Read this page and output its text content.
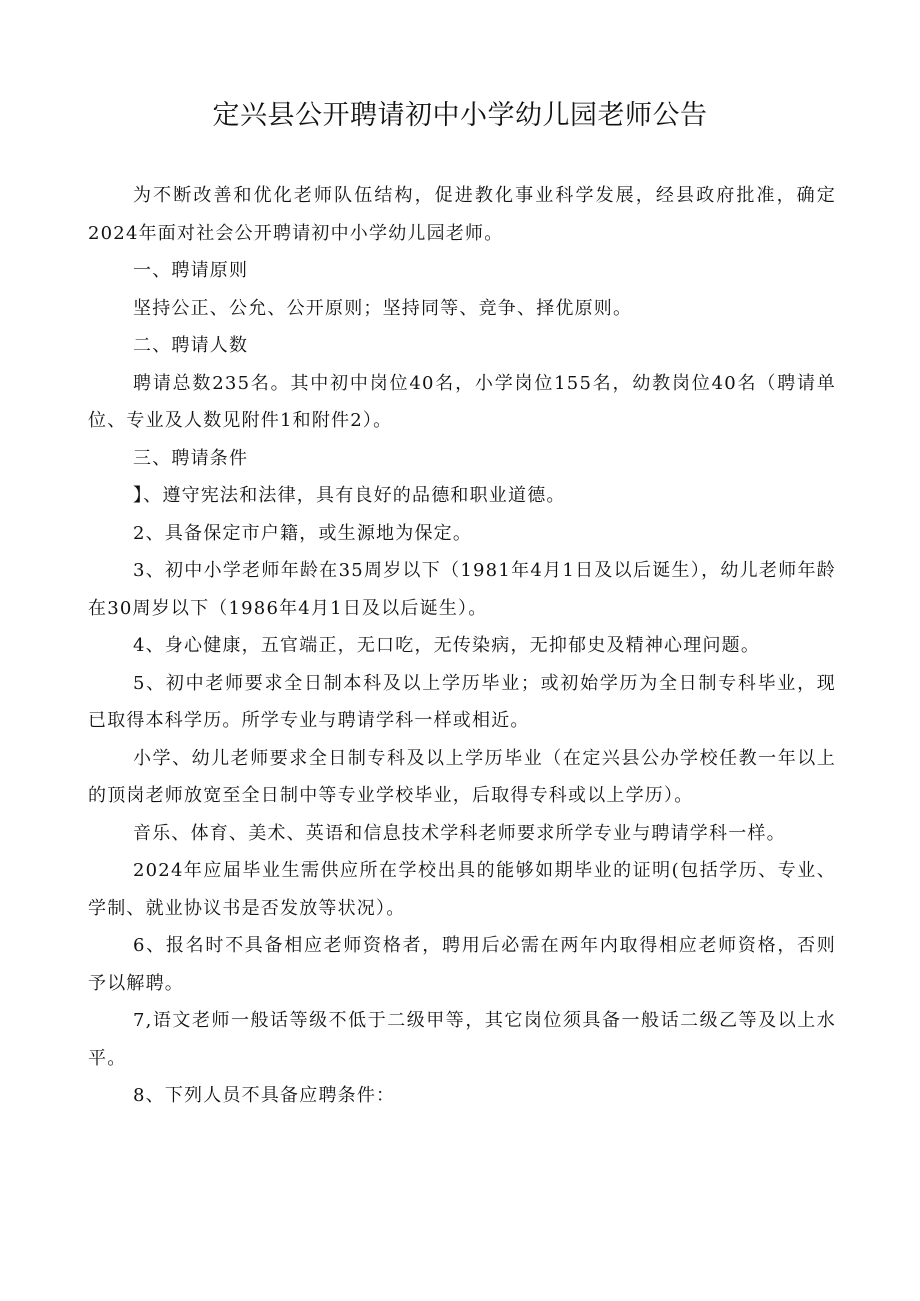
定兴县公开聘请初中小学幼儿园老师公告

为不断改善和优化老师队伍结构，促进教化事业科学发展，经县政府批准，确定2024年面对社会公开聘请初中小学幼儿园老师。

一、聘请原则

坚持公正、公允、公开原则；坚持同等、竞争、择优原则。

二、聘请人数

聘请总数235名。其中初中岗位40名，小学岗位155名，幼教岗位40名（聘请单位、专业及人数见附件1和附件2）。

三、聘请条件

】、遵守宪法和法律，具有良好的品德和职业道德。

2、具备保定市户籍，或生源地为保定。

3、初中小学老师年龄在35周岁以下（1981年4月1日及以后诞生），幼儿老师年龄在30周岁以下（1986年4月1日及以后诞生）。

4、身心健康，五官端正，无口吃，无传染病，无抑郁史及精神心理问题。

5、初中老师要求全日制本科及以上学历毕业；或初始学历为全日制专科毕业，现已取得本科学历。所学专业与聘请学科一样或相近。

小学、幼儿老师要求全日制专科及以上学历毕业（在定兴县公办学校任教一年以上的顶岗老师放宽至全日制中等专业学校毕业，后取得专科或以上学历）。

音乐、体育、美术、英语和信息技术学科老师要求所学专业与聘请学科一样。

2024年应届毕业生需供应所在学校出具的能够如期毕业的证明(包括学历、专业、学制、就业协议书是否发放等状况）。

6、报名时不具备相应老师资格者，聘用后必需在两年内取得相应老师资格，否则予以解聘。

7,语文老师一般话等级不低于二级甲等，其它岗位须具备一般话二级乙等及以上水平。

8、下列人员不具备应聘条件：
